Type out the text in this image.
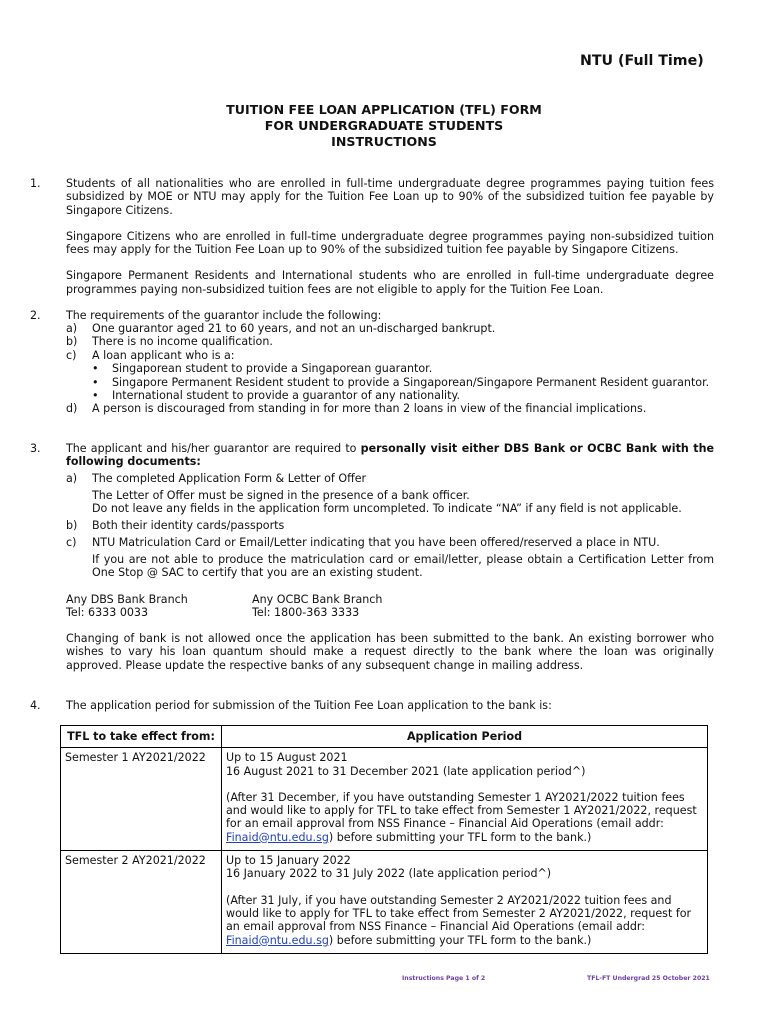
NTU (Full Time)
TUITION FEE LOAN APPLICATION (TFL) FORM
FOR UNDERGRADUATE STUDENTS
INSTRUCTIONS
1. Students of all nationalities who are enrolled in full-time undergraduate degree programmes paying tuition fees subsidized by MOE or NTU may apply for the Tuition Fee Loan up to 90% of the subsidized tuition fee payable by Singapore Citizens.

Singapore Citizens who are enrolled in full-time undergraduate degree programmes paying non-subsidized tuition fees may apply for the Tuition Fee Loan up to 90% of the subsidized tuition fee payable by Singapore Citizens.

Singapore Permanent Residents and International students who are enrolled in full-time undergraduate degree programmes paying non-subsidized tuition fees are not eligible to apply for the Tuition Fee Loan.

2. The requirements of the guarantor include the following:
a) One guarantor aged 21 to 60 years, and not an un-discharged bankrupt.
b) There is no income qualification.
c) A loan applicant who is a:
• Singaporean student to provide a Singaporean guarantor.
• Singapore Permanent Resident student to provide a Singaporean/Singapore Permanent Resident guarantor.
• International student to provide a guarantor of any nationality.
d) A person is discouraged from standing in for more than 2 loans in view of the financial implications.
3. The applicant and his/her guarantor are required to personally visit either DBS Bank or OCBC Bank with the following documents:
a) The completed Application Form & Letter of Offer
The Letter of Offer must be signed in the presence of a bank officer.
Do not leave any fields in the application form uncompleted. To indicate “NA” if any field is not applicable.
b) Both their identity cards/passports
c) NTU Matriculation Card or Email/Letter indicating that you have been offered/reserved a place in NTU.
If you are not able to produce the matriculation card or email/letter, please obtain a Certification Letter from One Stop @ SAC to certify that you are an existing student.
Any DBS Bank Branch
Tel: 6333 0033
Any OCBC Bank Branch
Tel: 1800-363 3333
Changing of bank is not allowed once the application has been submitted to the bank. An existing borrower who wishes to vary his loan quantum should make a request directly to the bank where the loan was originally approved. Please update the respective banks of any subsequent change in mailing address.
4. The application period for submission of the Tuition Fee Loan application to the bank is:
TFL to take effect from:	Application Period
Semester 1 AY2021/2022	Up to 15 August 2021
16 August 2021 to 31 December 2021 (late application period^)
(After 31 December, if you have outstanding Semester 1 AY2021/2022 tuition fees and would like to apply for TFL to take effect from Semester 1 AY2021/2022, request for an email approval from NSS Finance – Financial Aid Operations (email addr: Finaid@ntu.edu.sg) before submitting your TFL form to the bank.)

Semester 2 AY2021/2022	Up to 15 January 2022
16 January 2022 to 31 July 2022 (late application period^)
(After 31 July, if you have outstanding Semester 2 AY2021/2022 tuition fees and would like to apply for TFL to take effect from Semester 2 AY2021/2022, request for an email approval from NSS Finance – Financial Aid Operations (email addr: Finaid@ntu.edu.sg) before submitting your TFL form to the bank.)
Instructions Page 1 of 2	TFL-FT Undergrad 25 October 2021
